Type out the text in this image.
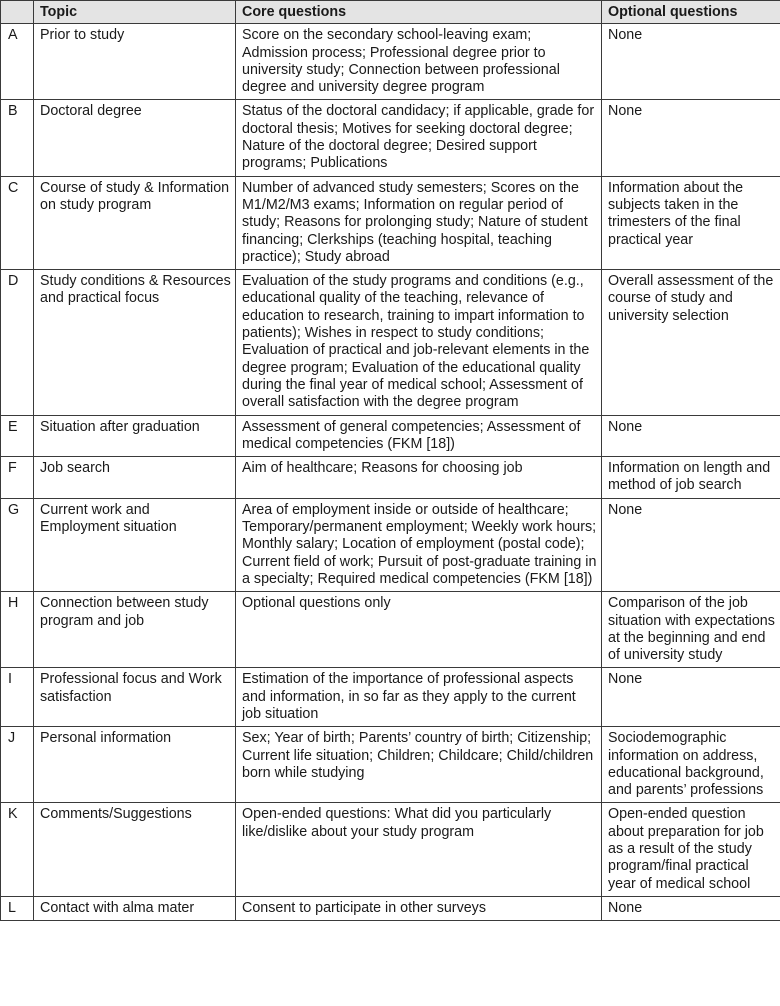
	Topic	Core questions	Optional questions
A	Prior to study	Score on the secondary school-leaving exam; Admission process; Professional degree prior to university study; Connection between professional degree and university degree program	None
B	Doctoral degree	Status of the doctoral candidacy; if applicable, grade for doctoral thesis; Motives for seeking doctoral degree; Nature of the doctoral degree; Desired support programs; Publications	None
C	Course of study & Information on study program	Number of advanced study semesters; Scores on the M1/M2/M3 exams; Information on regular period of study; Reasons for prolonging study; Nature of student financing; Clerkships (teaching hospital, teaching practice); Study abroad	Information about the subjects taken in the trimesters of the final practical year
D	Study conditions & Resources and practical focus	Evaluation of the study programs and conditions (e.g., educational quality of the teaching, relevance of education to research, training to impart information to patients); Wishes in respect to study conditions; Evaluation of practical and job-relevant elements in the degree program; Evaluation of the educational quality during the final year of medical school; Assessment of overall satisfaction with the degree program	Overall assessment of the course of study and university selection
E	Situation after graduation	Assessment of general competencies; Assessment of medical competencies (FKM [18])	None
F	Job search	Aim of healthcare; Reasons for choosing job	Information on length and method of job search
G	Current work and Employment situation	Area of employment inside or outside of healthcare; Temporary/permanent employment; Weekly work hours; Monthly salary; Location of employment (postal code); Current field of work; Pursuit of post-graduate training in a specialty; Required medical competencies (FKM [18])	None
H	Connection between study program and job	Optional questions only	Comparison of the job situation with expectations at the beginning and end of university study
I	Professional focus and Work satisfaction	Estimation of the importance of professional aspects and information, in so far as they apply to the current job situation	None
J	Personal information	Sex; Year of birth; Parents’ country of birth; Citizenship; Current life situation; Children; Childcare; Child/children born while studying	Sociodemographic information on address, educational background, and parents’ professions
K	Comments/Suggestions	Open-ended questions: What did you particularly like/dislike about your study program	Open-ended question about preparation for job as a result of the study program/final practical year of medical school
L	Contact with alma mater	Consent to participate in other surveys	None
